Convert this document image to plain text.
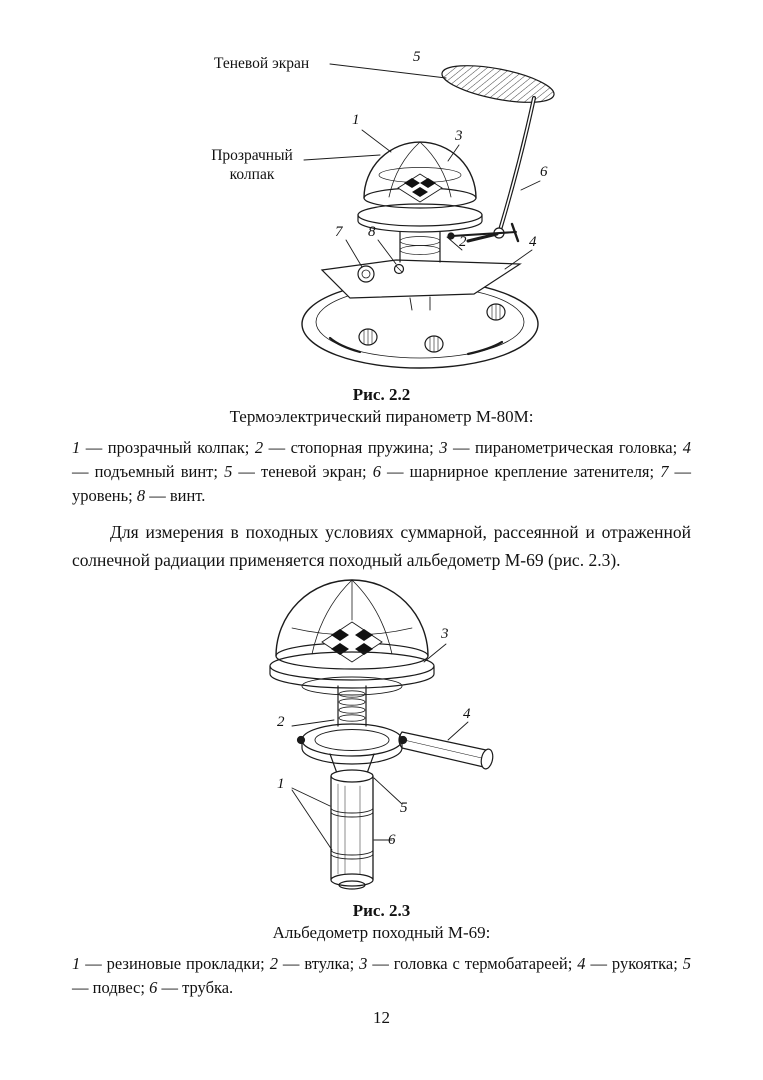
Теневой экран
Прозрачный колпак
5
1
3
6
7 8
2	4
Рис. 2.2
Термоэлектрический пиранометр М-80М:

1 — прозрачный колпак; 2 — стопорная пружина; 3 — пиранометрическая головка; 4 — подъемный винт; 5 — теневой экран; 6 — шарнирное крепление затенителя; 7 — уровень; 8 — винт.

Для измерения в походных условиях суммарной, рассеянной и отраженной солнечной радиации применяется походный альбедометр М-69 (рис. 2.3).

3
2	4
1
5
6
Рис. 2.3
Альбедометр походный М-69:

1 — резиновые прокладки; 2 — втулка; 3 — головка с термобатареей; 4 — рукоятка; 5 — подвес; 6 — трубка.

12
